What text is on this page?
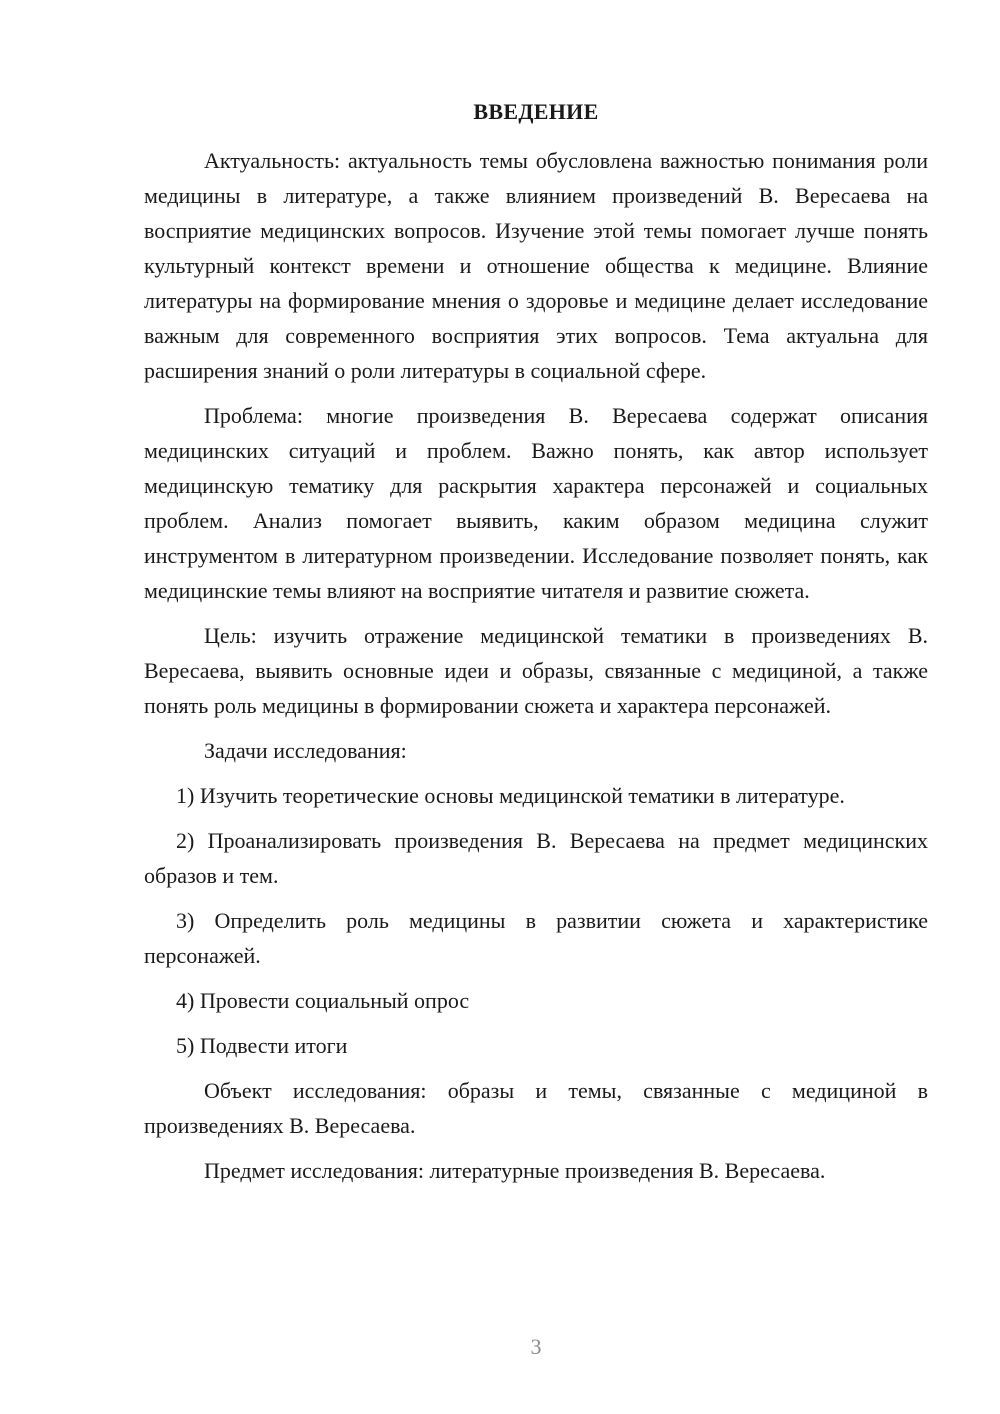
ВВЕДЕНИЕ

Актуальность: актуальность темы обусловлена важностью понимания роли медицины в литературе, а также влиянием произведений В. Вересаева на восприятие медицинских вопросов. Изучение этой темы помогает лучше понять культурный контекст времени и отношение общества к медицине. Влияние литературы на формирование мнения о здоровье и медицине делает исследование важным для современного восприятия этих вопросов. Тема актуальна для расширения знаний о роли литературы в социальной сфере.

Проблема: многие произведения В. Вересаева содержат описания медицинских ситуаций и проблем. Важно понять, как автор использует медицинскую тематику для раскрытия характера персонажей и социальных проблем. Анализ помогает выявить, каким образом медицина служит инструментом в литературном произведении. Исследование позволяет понять, как медицинские темы влияют на восприятие читателя и развитие сюжета.

Цель: изучить отражение медицинской тематики в произведениях В. Вересаева, выявить основные идеи и образы, связанные с медициной, а также понять роль медицины в формировании сюжета и характера персонажей.

Задачи исследования:

1) Изучить теоретические основы медицинской тематики в литературе.

2) Проанализировать произведения В. Вересаева на предмет медицинских образов и тем.

3) Определить роль медицины в развитии сюжета и характеристике персонажей.

4) Провести социальный опрос

5) Подвести итоги

Объект исследования: образы и темы, связанные с медициной в произведениях В. Вересаева.

Предмет исследования: литературные произведения В. Вересаева.

3
